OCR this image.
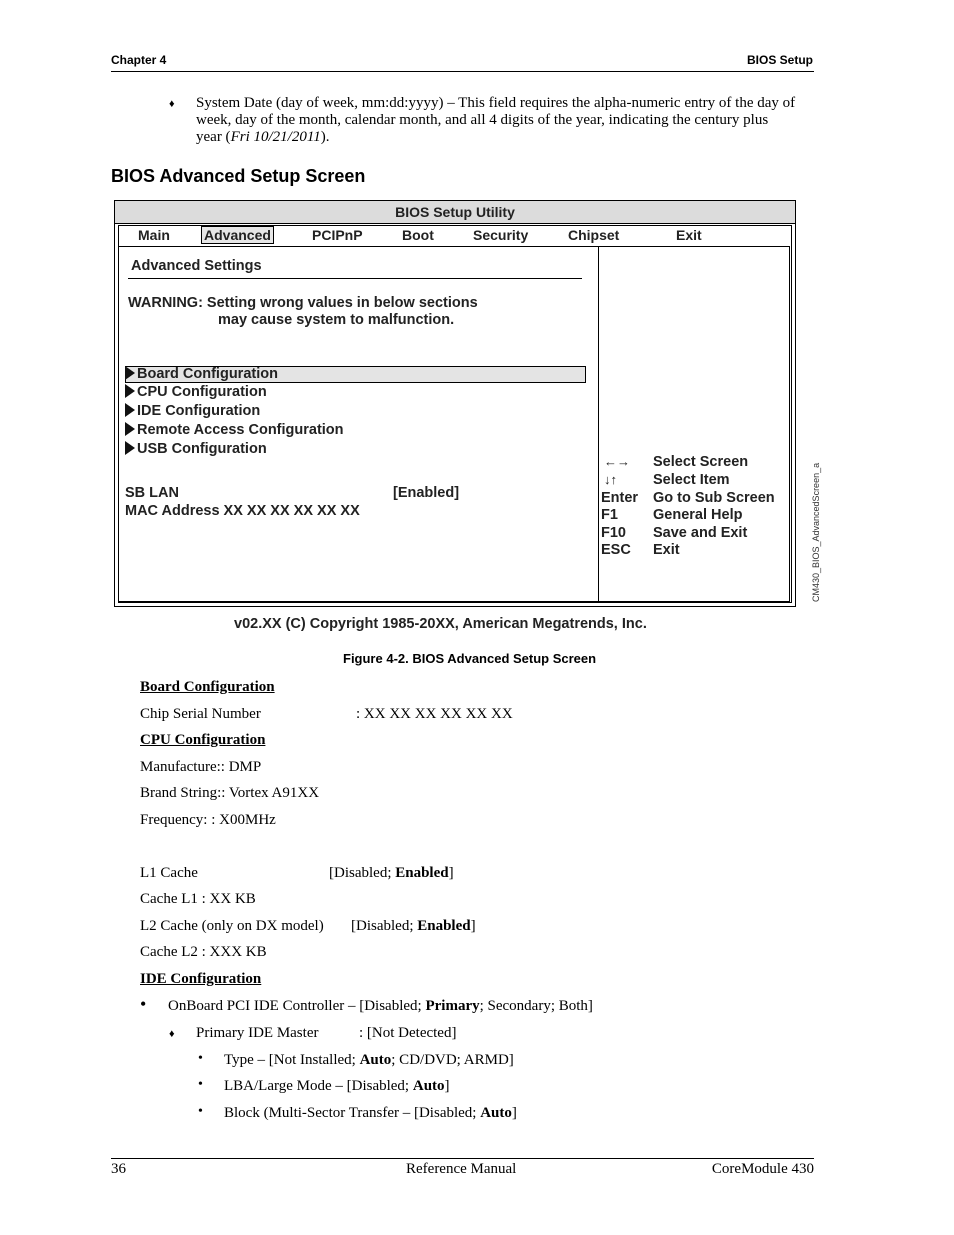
Chapter 4	BIOS Setup
♦ System Date (day of week, mm:dd:yyyy) – This field requires the alpha-numeric entry of the day of
week, day of the month, calendar month, and all 4 digits of the year, indicating the century plus
year (Fri 10/21/2011).
BIOS Advanced Setup Screen
BIOS Setup Utility
Main Advanced	PCIPnP	Boot	Security	Chipset	Exit
Advanced Settings
WARNING: Setting wrong values in below sections
may cause system to malfunction.
Board Configuration
CPU Configuration
IDE Configuration
Remote Access Configuration
USB Configuration
SB LAN	[Enabled]
MAC Address XX XX XX XX XX XX
←→ Select Screen
↓↑ Select Item
Enter Go to Sub Screen
F1 General Help
F10 Save and Exit
ESC Exit	CM430_BIOS_AdvancedScreen_a
v02.XX (C) Copyright 1985-20XX, American Megatrends, Inc.
Figure 4-2. BIOS Advanced Setup Screen
Board Configuration
Chip Serial Number	: XX XX XX XX XX XX
CPU Configuration
Manufacture:: DMP
Brand String:: Vortex A91XX
Frequency: : X00MHz
L1 Cache	[Disabled; Enabled]
Cache L1 : XX KB
L2 Cache (only on DX model) [Disabled; Enabled]
Cache L2 : XXX KB
IDE Configuration
• OnBoard PCI IDE Controller – [Disabled; Primary; Secondary; Both]
♦ Primary IDE Master	: [Not Detected]
• Type – [Not Installed; Auto; CD/DVD; ARMD]
• LBA/Large Mode – [Disabled; Auto]
• Block (Multi-Sector Transfer – [Disabled; Auto]
36	Reference Manual	CoreModule 430
